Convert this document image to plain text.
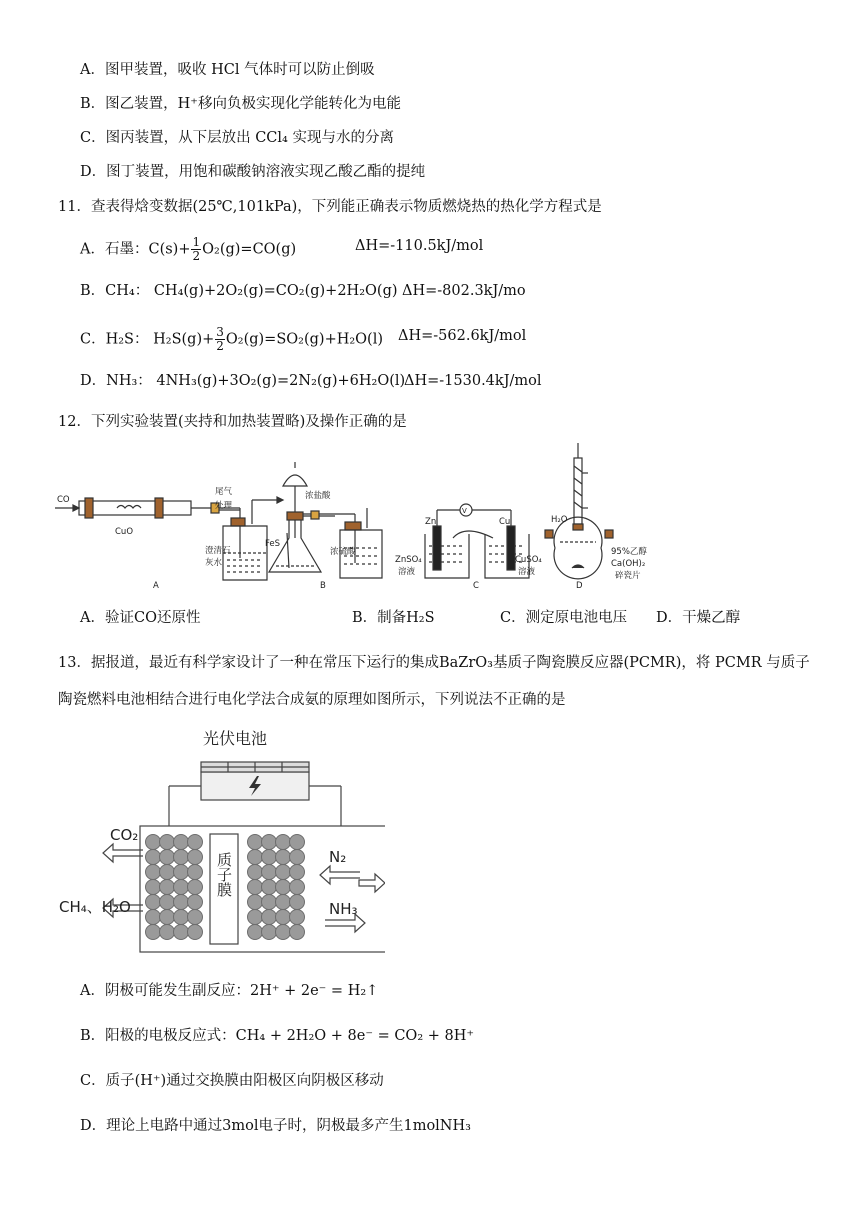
A．图甲装置，吸收 HCl 气体时可以防止倒吸
B．图乙装置，H⁺移向负极实现化学能转化为电能
C．图丙装置，从下层放出 CCl₄ 实现与水的分离
D．图丁装置，用饱和碳酸钠溶液实现乙酸乙酯的提纯
11．查表得焓变数据(25℃,101kPa)，下列能正确表示物质燃烧热的热化学方程式是
A．石墨：$C(s)+ \frac{1}{2} O_2(g)=CO(g)$	ΔH=-110.5kJ/mol
B．CH₄： CH₄(g)+2O₂(g)=CO₂(g)+2H₂O(g) ΔH=-802.3kJ/mo
C．H₂S： $H_2S(g)+ \frac{3}{2} O_2(g)=SO_2(g)+H_2O(l)$ ΔH=-562.6kJ/mol
D．NH₃： 4NH₃(g)+3O₂(g)=2N₂(g)+6H₂O(l)
ΔH=-1530.4kJ/mol
12．下列实验装置(夹持和加热装置略)及操作正确的是
CO
CuO
尾气
处理
澄清石
灰水
A
浓盐酸
FeS
浓硫酸
B
Zn	Cu
V
ZnSO₄
溶液
CuSO₄
溶液
C
H₂O
95%乙醇
Ca(OH)₂
碎瓷片
D
A．验证CO还原性	B．制备H₂S	C．测定原电池电压 D．干燥乙醇
13．据报道，最近有科学家设计了一种在常压下运行的集成BaZrO₃基质子陶瓷膜反应器(PCMR)，将 PCMR 与质子
陶瓷燃料电池相结合进行电化学法合成氨的原理如图所示，下列说法不正确的是
光伏电池
CO₂
CH₄、H₂O
N₂
NH₃
质子膜
A．阴极可能发生副反应：2H⁺ + 2e⁻ = H₂↑
B．阳极的电极反应式：CH₄ + 2H₂O + 8e⁻ = CO₂ + 8H⁺
C．质子(H⁺)通过交换膜由阳极区向阴极区移动
D．理论上电路中通过3mol电子时，阴极最多产生1molNH₃
